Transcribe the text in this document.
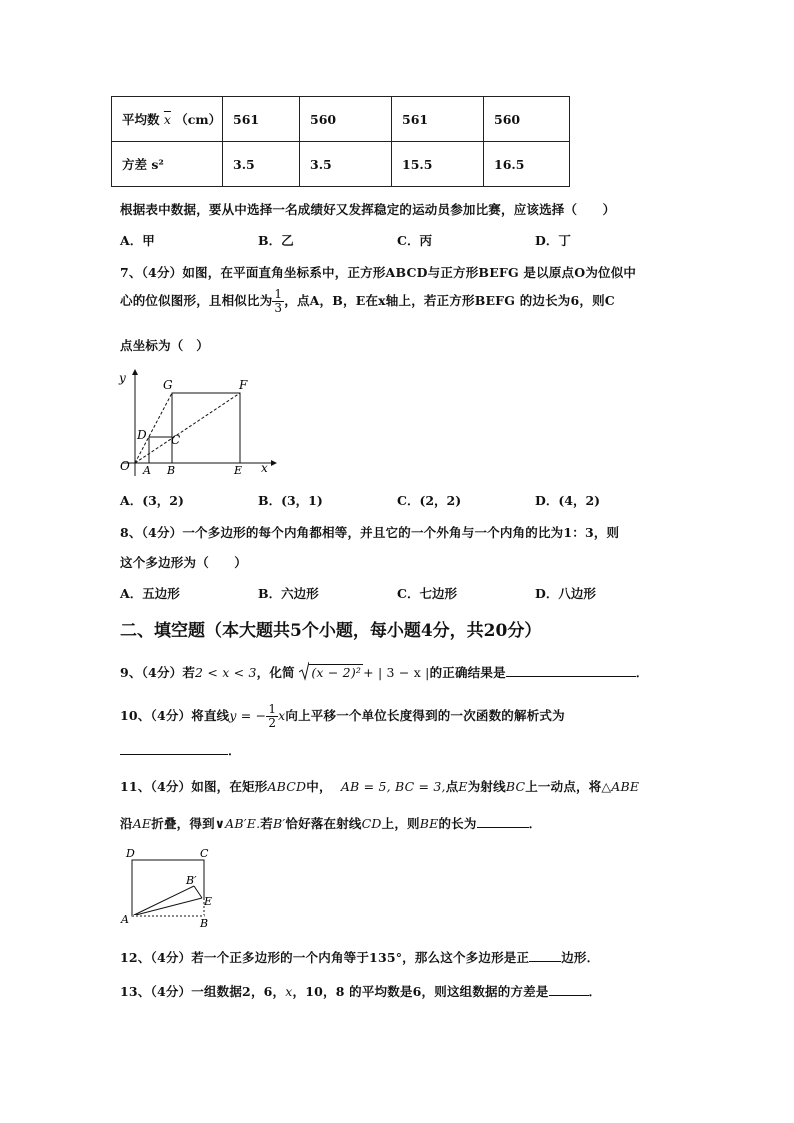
平均数 $\overline{x}$ （cm）	561	560	561	560
方差 s²	3.5	3.5	15.5	16.5
根据表中数据，要从中选择一名成绩好又发挥稳定的运动员参加比赛，应该选择（　　）
A．甲	B．乙	C．丙	D．丁
7、（4分）如图，在平面直角坐标系中，正方形ABCD与正方形BEFG 是以原点O为位似中
心的位似图形，且相似比为 $\frac{1}{3}$ ，点A，B，E在x轴上，若正方形BEFG 的边长为6，则C
点坐标为（　）
y
x
O A B	E
D C
G	F
A．(3，2)	B．(3，1)	C．(2，2)	D．(4，2)
8、（4分）一个多边形的每个内角都相等，并且它的一个外角与一个内角的比为1：3，则
这个多边形为（　　）
A．五边形	B．六边形	C．七边形	D．八边形
二、填空题（本大题共5个小题，每小题4分，共20分）
9、（4分）若2 < x < 3，化简 (x − 2)² + | 3 − x |的正确结果是	．
10、（4分）将直线y = − $\frac{1}{2}$ x向上平移一个单位长度得到的一次函数的解析式为
．
11、（4分）如图，在矩形ABCD中， AB = 5, BC = 3,点E为射线BC上一动点，将△ABE
沿AE折叠，得到∨AB′E.若B′恰好落在射线CD上，则BE的长为	．
D	C
B′
E
A	B
12、（4分）若一个正多边形的一个内角等于135°，那么这个多边形是正	边形．
13、（4分）一组数据2，6，x，10，8 的平均数是6，则这组数据的方差是	．
